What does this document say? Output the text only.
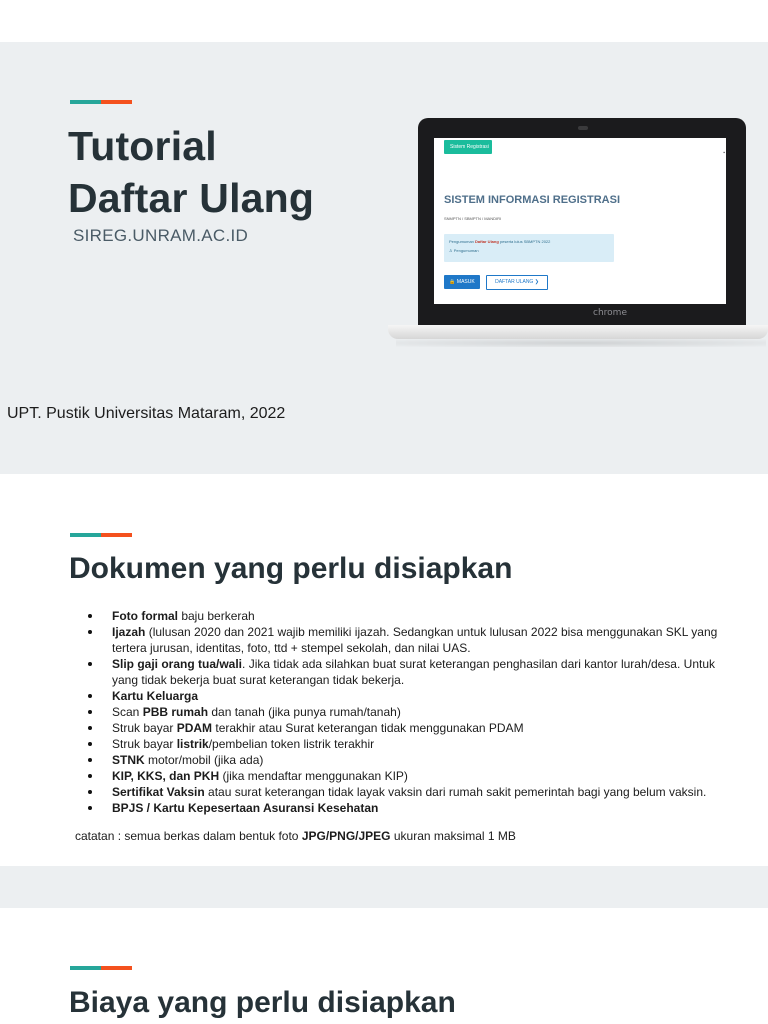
Tutorial
Daftar Ulang
SIREG.UNRAM.AC.ID
Sistem Registrasi
▪
SISTEM INFORMASI REGISTRASI
SNMPTN / SBMPTN / MANDIRI
Pengumuman Daftar Ulang peserta lulus SBMPTN 2022
♙ Pengumuman
🔒 MASUK	DAFTAR ULANG ❯
chrome
UPT. Pustik Universitas Mataram, 2022
Dokumen yang perlu disiapkan
Foto formal baju berkerah
Ijazah (lulusan 2020 dan 2021 wajib memiliki ijazah. Sedangkan untuk lulusan 2022 bisa menggunakan SKL yang tertera jurusan, identitas, foto, ttd + stempel sekolah, dan nilai UAS.
Slip gaji orang tua/wali. Jika tidak ada silahkan buat surat keterangan penghasilan dari kantor lurah/desa. Untuk yang tidak bekerja buat surat keterangan tidak bekerja.
Kartu Keluarga
Scan PBB rumah dan tanah (jika punya rumah/tanah)
Struk bayar PDAM terakhir atau Surat keterangan tidak menggunakan PDAM
Struk bayar listrik/pembelian token listrik terakhir
STNK motor/mobil (jika ada)
KIP, KKS, dan PKH (jika mendaftar menggunakan KIP)
Sertifikat Vaksin atau surat keterangan tidak layak vaksin dari rumah sakit pemerintah bagi yang belum vaksin.
BPJS / Kartu Kepesertaan Asuransi Kesehatan
catatan : semua berkas dalam bentuk foto JPG/PNG/JPEG ukuran maksimal 1 MB
Biaya yang perlu disiapkan
